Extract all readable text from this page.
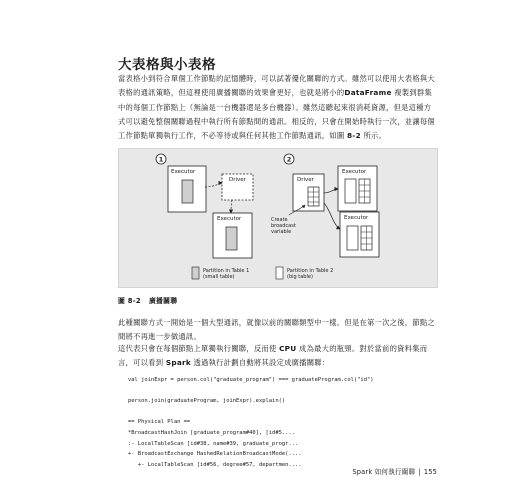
大表格與小表格

當表格小到符合單個工作節點的記憶體時，可以試著優化關聯的方式。雖然可以使用大表格與大表格的通訊策略，但這裡使用廣播關聯的效果會更好，也就是將小的DataFrame 複製到群集中的每個工作節點上（無論是一台機器還是多台機器）。雖然這聽起來很消耗資源，但是這種方式可以避免整個關聯過程中執行所有節點間的通訊。相反的，只會在開始時執行一次，並讓每個工作節點單獨執行工作，不必等待或與任何其他工作節點通訊，如圖 8-2 所示。

1
Executor
Driver
Executor
2
Driver
Create
broadcast
variable
Executor
Executor
Partition in Table 1
(small table)
Partition in Table 2
(big table)
圖 8-2 廣播關聯

此種關聯方式一開始是一個大型通訊，就像以前的關聯類型中一樣。但是在第一次之後，節點之間將不再進一步做通訊。

這代表只會在每個節點上單獨執行關聯，反而使 CPU 成為最大的瓶頸。對於當前的資料集而言，可以看到 Spark 透過執行計劃自動將其設定成廣播關聯：

val joinExpr = person.col("graduate_program") === graduateProgram.col("id")

person.join(graduateProgram, joinExpr).explain()

== Physical Plan ==
*BroadcastHashJoin [graduate_program#40], [id#5....
:- LocalTableScan [id#38, name#39, graduate_progr...
+- BroadcastExchange HashedRelationBroadcastMode(....
+- LocalTableScan [id#56, degree#57, departmen....
Spark 如何執行關聯 | 155
